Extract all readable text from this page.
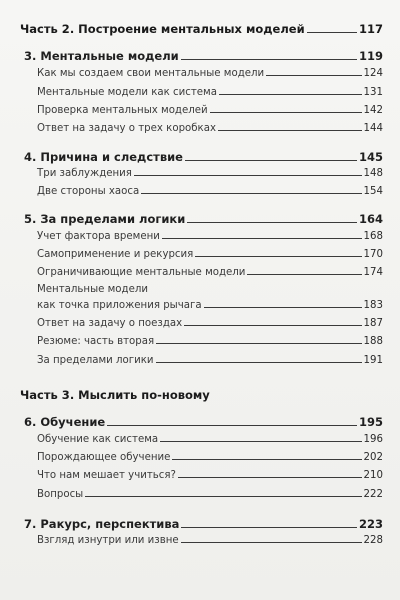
Часть 2. Построение ментальных моделей	117
3. Ментальные модели	119
Как мы создаем свои ментальные модели	124
Ментальные модели как система	131
Проверка ментальных моделей	142
Ответ на задачу о трех коробках	144
4. Причина и следствие	145
Три заблуждения	148
Две стороны хаоса	154
5. За пределами логики	164
Учет фактора времени	168
Самоприменение и рекурсия	170
Ограничивающие ментальные модели	174
Ментальные модели
как точка приложения рычага	183
Ответ на задачу о поездах	187
Резюме: часть вторая	188
За пределами логики	191
Часть 3. Мыслить по-новому
6. Обучение	195
Обучение как система	196
Порождающее обучение	202
Что нам мешает учиться?	210
Вопросы	222
7. Ракурс, перспектива	223
Взгляд изнутри или извне	228
